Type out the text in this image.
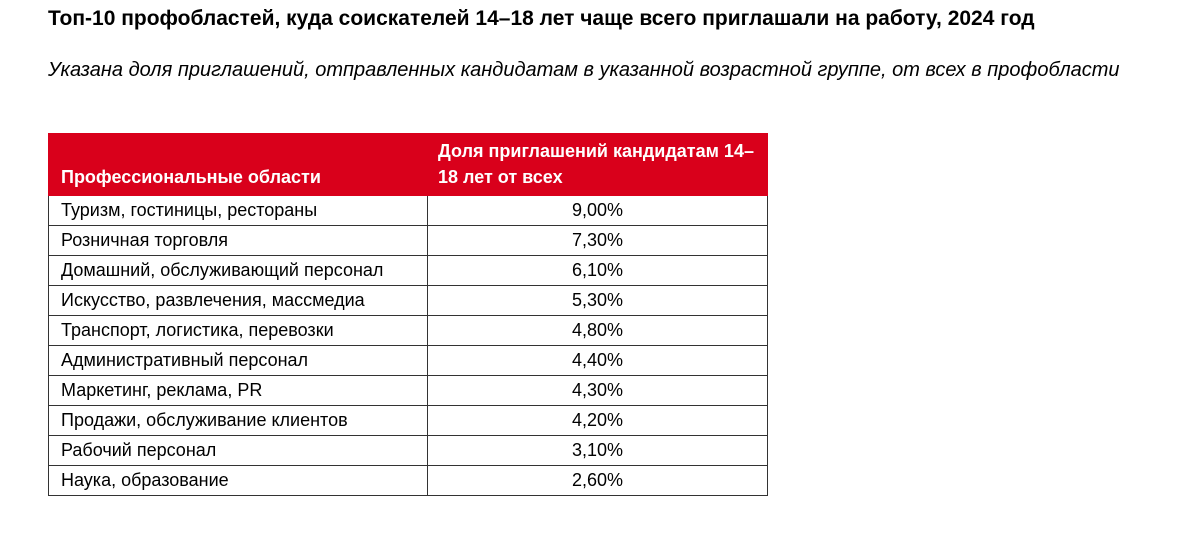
Топ-10 профобластей, куда соискателей 14–18 лет чаще всего приглашали на работу, 2024 год

Указана доля приглашений, отправленных кандидатам в указанной возрастной группе, от всех в профобласти

Профессиональные области	Доля приглашений кандидатам 14–18 лет от всех
Туризм, гостиницы, рестораны	9,00%
Розничная торговля	7,30%
Домашний, обслуживающий персонал	6,10%
Искусство, развлечения, массмедиа	5,30%
Транспорт, логистика, перевозки	4,80%
Административный персонал	4,40%
Маркетинг, реклама, PR	4,30%
Продажи, обслуживание клиентов	4,20%
Рабочий персонал	3,10%
Наука, образование	2,60%
